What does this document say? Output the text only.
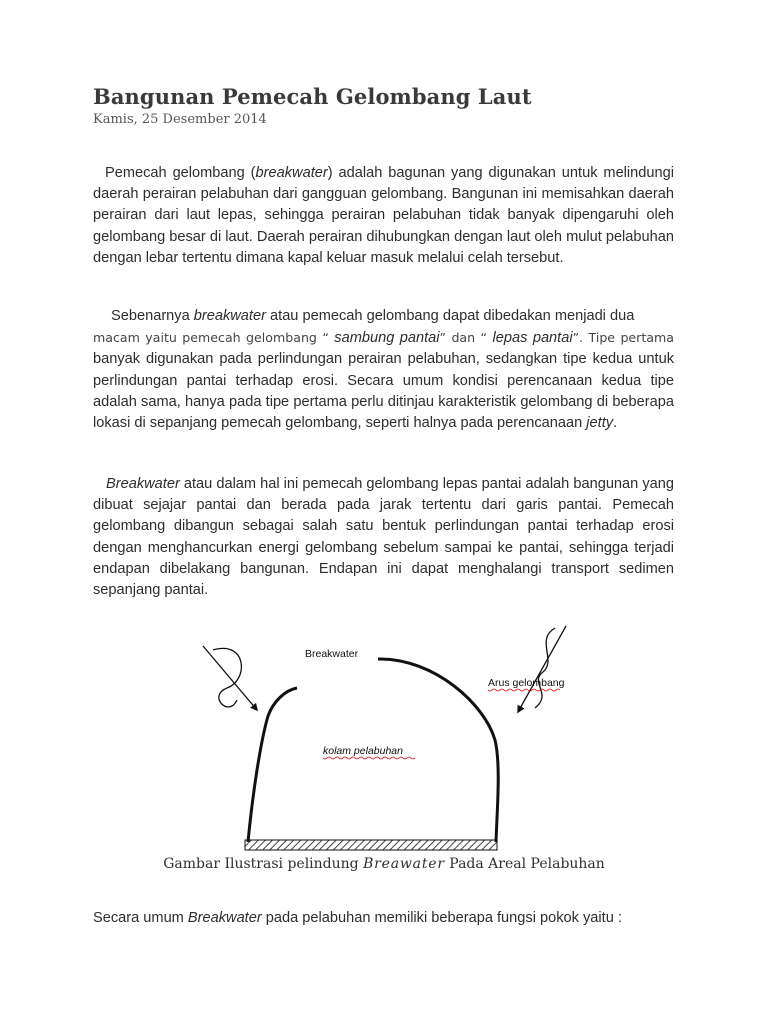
Bangunan Pemecah Gelombang Laut
Kamis, 25 Desember 2014

Pemecah gelombang (breakwater) adalah bagunan yang digunakan untuk melindungi daerah perairan pelabuhan dari gangguan gelombang. Bangunan ini memisahkan daerah perairan dari laut lepas, sehingga perairan pelabuhan tidak banyak dipengaruhi oleh gelombang besar di laut. Daerah perairan dihubungkan dengan laut oleh mulut pelabuhan dengan lebar tertentu dimana kapal keluar masuk melalui celah tersebut.

Sebenarnya breakwater atau pemecah gelombang dapat dibedakan menjadi dua
macam yaitu pemecah gelombang “ sambung pantai” dan “ lepas pantai”. Tipe pertama banyak digunakan pada perlindungan perairan pelabuhan, sedangkan tipe kedua untuk perlindungan pantai terhadap erosi. Secara umum kondisi perencanaan kedua tipe adalah sama, hanya pada tipe pertama perlu ditinjau karakteristik gelombang di beberapa lokasi di sepanjang pemecah gelombang, seperti halnya pada perencanaan jetty.

Breakwater atau dalam hal ini pemecah gelombang lepas pantai adalah bangunan yang dibuat sejajar pantai dan berada pada jarak tertentu dari garis pantai. Pemecah gelombang dibangun sebagai salah satu bentuk perlindungan pantai terhadap erosi dengan menghancurkan energi gelombang sebelum sampai ke pantai, sehingga terjadi endapan dibelakang bangunan. Endapan ini dapat menghalangi transport sedimen sepanjang pantai.

Breakwater
Arus gelombang
kolam pelabuhan
Gambar Ilustrasi pelindung Breawater Pada Areal Pelabuhan
Secara umum Breakwater pada pelabuhan memiliki beberapa fungsi pokok yaitu :
